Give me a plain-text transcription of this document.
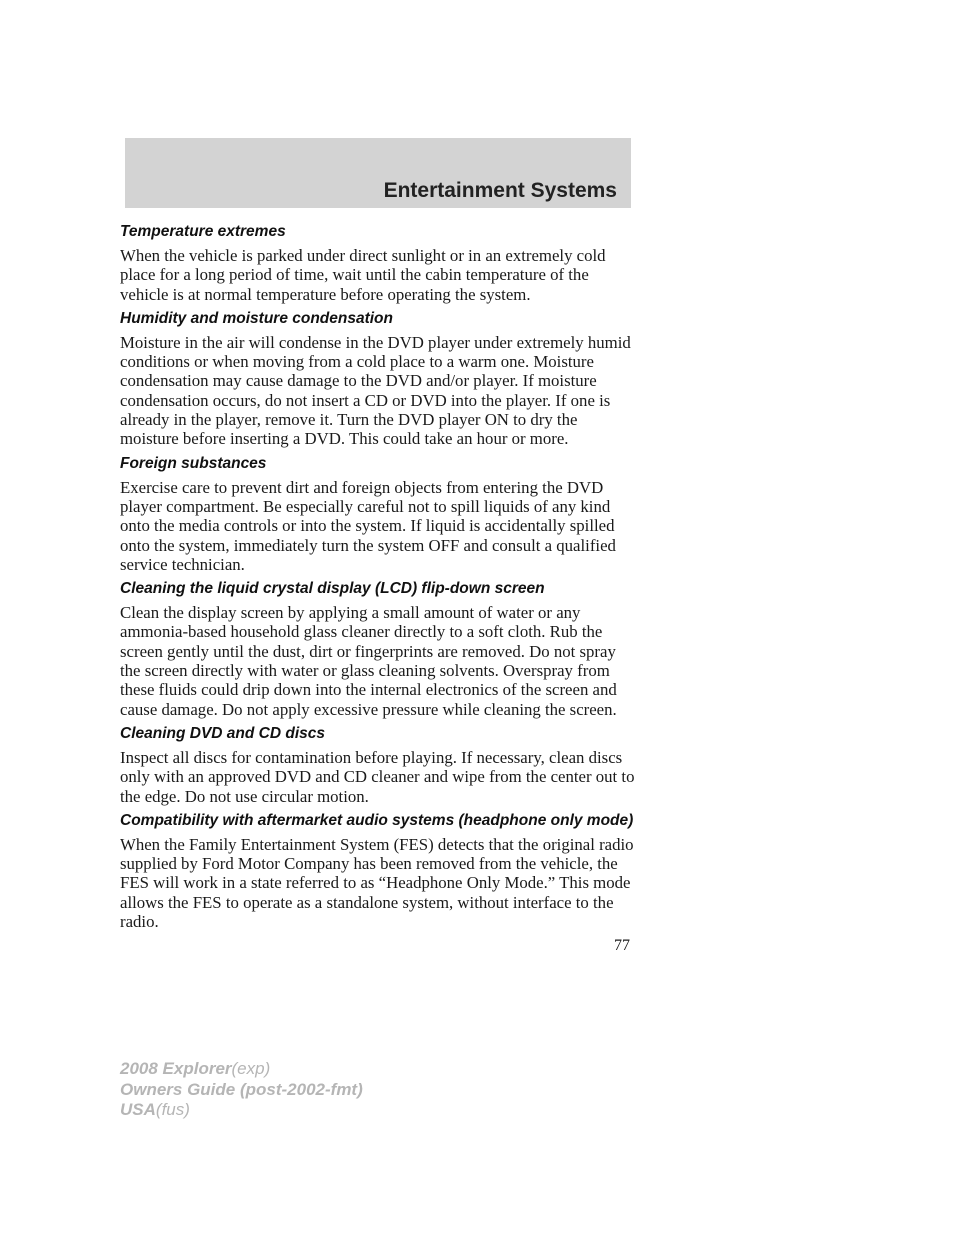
Entertainment Systems
Temperature extremes

When the vehicle is parked under direct sunlight or in an extremely cold place for a long period of time, wait until the cabin temperature of the vehicle is at normal temperature before operating the system.

Humidity and moisture condensation

Moisture in the air will condense in the DVD player under extremely humid conditions or when moving from a cold place to a warm one. Moisture condensation may cause damage to the DVD and/or player. If moisture condensation occurs, do not insert a CD or DVD into the player. If one is already in the player, remove it. Turn the DVD player ON to dry the moisture before inserting a DVD. This could take an hour or more.

Foreign substances

Exercise care to prevent dirt and foreign objects from entering the DVD player compartment. Be especially careful not to spill liquids of any kind onto the media controls or into the system. If liquid is accidentally spilled onto the system, immediately turn the system OFF and consult a qualified service technician.

Cleaning the liquid crystal display (LCD) flip-down screen

Clean the display screen by applying a small amount of water or any ammonia-based household glass cleaner directly to a soft cloth. Rub the screen gently until the dust, dirt or fingerprints are removed. Do not spray the screen directly with water or glass cleaning solvents. Overspray from these fluids could drip down into the internal electronics of the screen and cause damage. Do not apply excessive pressure while cleaning the screen.

Cleaning DVD and CD discs

Inspect all discs for contamination before playing. If necessary, clean discs only with an approved DVD and CD cleaner and wipe from the center out to the edge. Do not use circular motion.

Compatibility with aftermarket audio systems (headphone only mode)

When the Family Entertainment System (FES) detects that the original radio supplied by Ford Motor Company has been removed from the vehicle, the FES will work in a state referred to as “Headphone Only Mode.” This mode allows the FES to operate as a standalone system, without interface to the radio.

77
2008 Explorer(exp)
Owners Guide (post-2002-fmt)
USA(fus)
